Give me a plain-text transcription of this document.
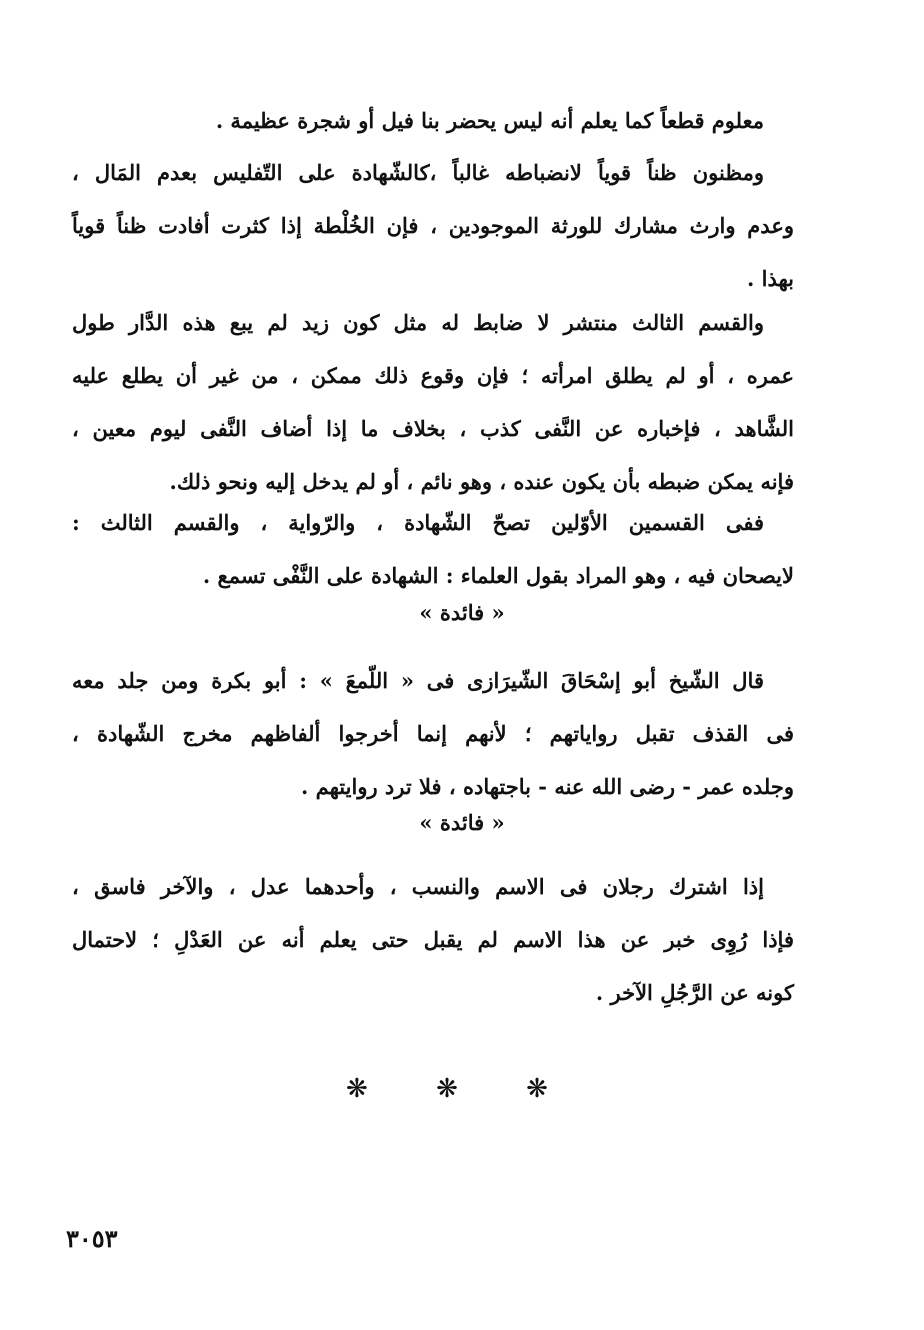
معلوم قطعاً كما يعلم أنه ليس يحضر بنا فيل أو شجرة عظيمة .
ومظنون ظناً قوياً لانضباطه غالباً ،كالشّهادة على التّفليس بعدم المَال ،
وعدم وارث مشارك للورثة الموجودين ، فإن الخُلْطة إذا كثرت أفادت ظناً قوياً
بهذا .
والقسم الثالث منتشر لا ضابط له مثل كون زيد لم يبع هذه الدَّار طول
عمره ، أو لم يطلق امرأته ؛ فإن وقوع ذلك ممكن ، من غير أن يطلع عليه
الشَّاهد ، فإخباره عن النَّفى كذب ، بخلاف ما إذا أضاف النَّفى ليوم معين ،
فإنه يمكن ضبطه بأن يكون عنده ، وهو نائم ، أو لم يدخل إليه ونحو ذلك.
ففى القسمين الأوّلين تصحّ الشّهادة ، والرّواية ، والقسم الثالث :
لايصحان فيه ، وهو المراد بقول العلماء : الشهادة على النَّفْى تسمع .
« فائدة »
قال الشّيخ أبو إسْحَاقَ الشّيرَازى فى « اللّمعَ » : أبو بكرة ومن جلد معه
فى القذف تقبل رواياتهم ؛ لأنهم إنما أخرجوا ألفاظهم مخرج الشّهادة ،
وجلده عمر - رضى الله عنه - باجتهاده ، فلا ترد روايتهم .
« فائدة »
إذا اشترك رجلان فى الاسم والنسب ، وأحدهما عدل ، والآخر فاسق ،
فإذا رُوِى خبر عن هذا الاسم لم يقبل حتى يعلم أنه عن العَدْلِ ؛ لاحتمال
كونه عن الرَّجُلِ الآخر .
❋ ❋ ❋
٣٠٥٣
